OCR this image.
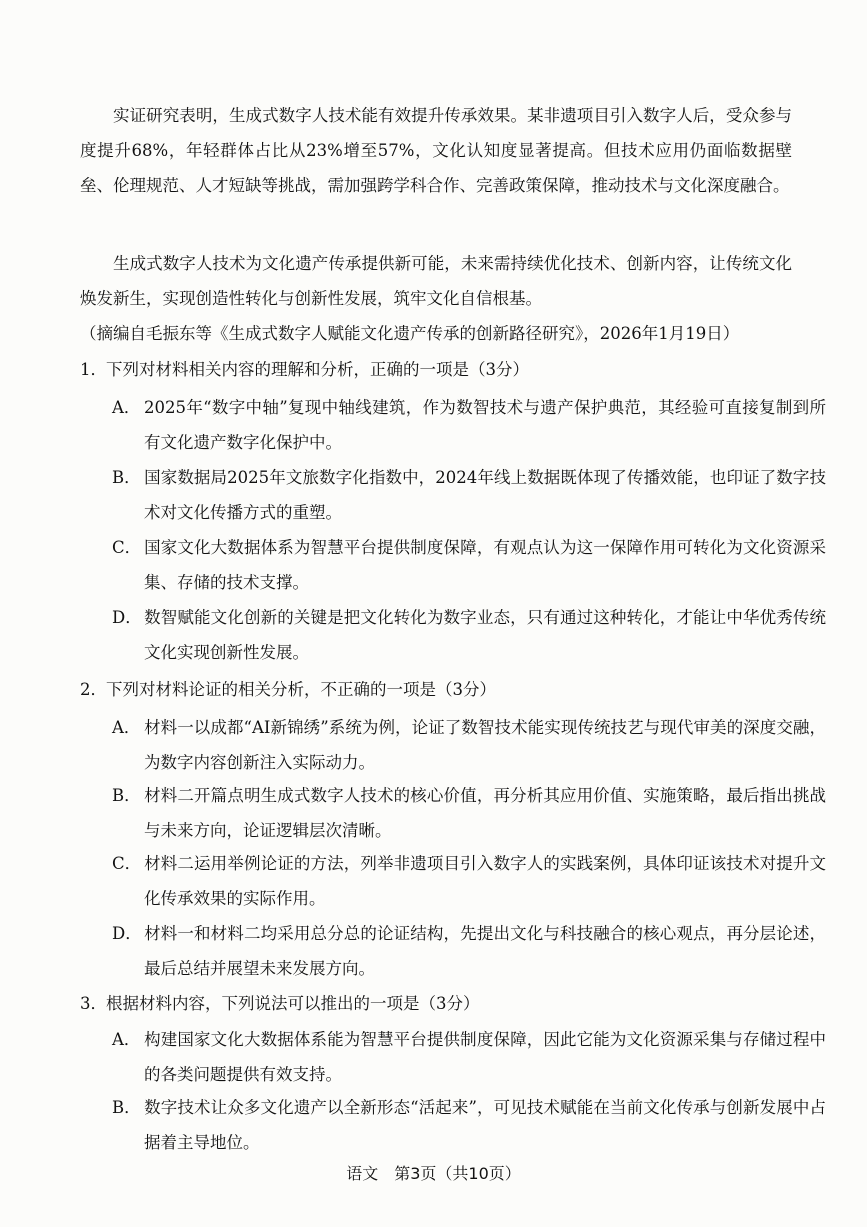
实证研究表明，生成式数字人技术能有效提升传承效果。某非遗项目引入数字人后，受众参与度提升68%，年轻群体占比从23%增至57%，文化认知度显著提高。但技术应用仍面临数据壁垒、伦理规范、人才短缺等挑战，需加强跨学科合作、完善政策保障，推动技术与文化深度融合。

生成式数字人技术为文化遗产传承提供新可能，未来需持续优化技术、创新内容，让传统文化焕发新生，实现创造性转化与创新性发展，筑牢文化自信根基。

（摘编自毛振东等《生成式数字人赋能文化遗产传承的创新路径研究》，2026年1月19日）

1．下列对材料相关内容的理解和分析，正确的一项是（3分）

A． 2025年“数字中轴”复现中轴线建筑，作为数智技术与遗产保护典范，其经验可直接复制到所有文化遗产数字化保护中。

B． 国家数据局2025年文旅数字化指数中，2024年线上数据既体现了传播效能，也印证了数字技术对文化传播方式的重塑。

C． 国家文化大数据体系为智慧平台提供制度保障，有观点认为这一保障作用可转化为文化资源采集、存储的技术支撑。

D． 数智赋能文化创新的关键是把文化转化为数字业态，只有通过这种转化，才能让中华优秀传统文化实现创新性发展。

2．下列对材料论证的相关分析，不正确的一项是（3分）

A． 材料一以成都“AI新锦绣”系统为例，论证了数智技术能实现传统技艺与现代审美的深度交融，为数字内容创新注入实际动力。

B． 材料二开篇点明生成式数字人技术的核心价值，再分析其应用价值、实施策略，最后指出挑战与未来方向，论证逻辑层次清晰。

C． 材料二运用举例论证的方法，列举非遗项目引入数字人的实践案例，具体印证该技术对提升文化传承效果的实际作用。

D． 材料一和材料二均采用总分总的论证结构，先提出文化与科技融合的核心观点，再分层论述，最后总结并展望未来发展方向。

3．根据材料内容，下列说法可以推出的一项是（3分）

A． 构建国家文化大数据体系能为智慧平台提供制度保障，因此它能为文化资源采集与存储过程中的各类问题提供有效支持。

B． 数字技术让众多文化遗产以全新形态“活起来”，可见技术赋能在当前文化传承与创新发展中占据着主导地位。

语文　第3页（共10页）
